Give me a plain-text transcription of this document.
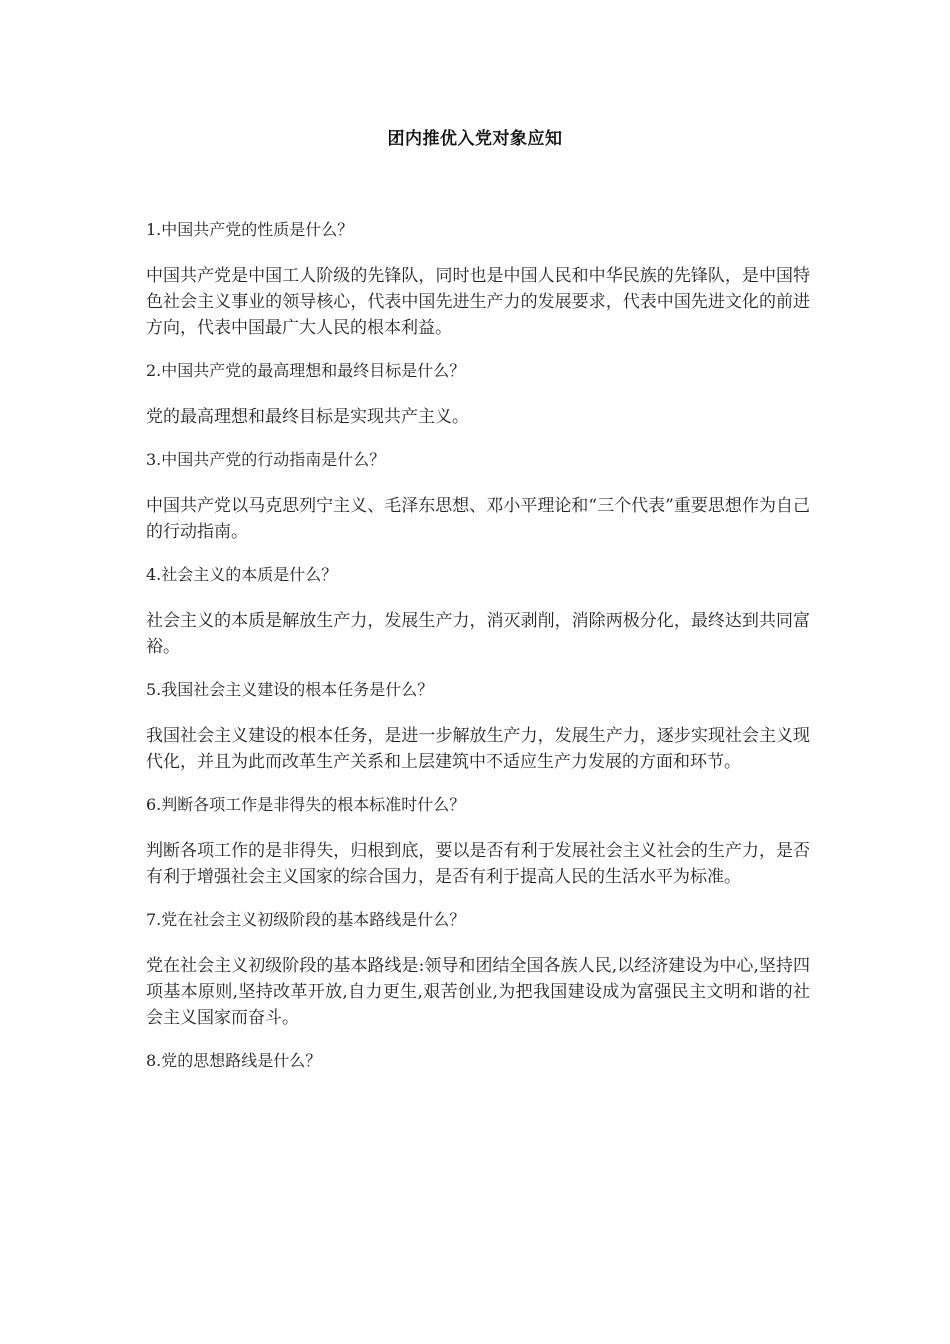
团内推优入党对象应知

1.中国共产党的性质是什么？

中国共产党是中国工人阶级的先锋队，同时也是中国人民和中华民族的先锋队，是中国特色社会主义事业的领导核心，代表中国先进生产力的发展要求，代表中国先进文化的前进方向，代表中国最广大人民的根本利益。

2.中国共产党的最高理想和最终目标是什么？

党的最高理想和最终目标是实现共产主义。

3.中国共产党的行动指南是什么？

中国共产党以马克思列宁主义、毛泽东思想、邓小平理论和“三个代表”重要思想作为自己的行动指南。

4.社会主义的本质是什么？

社会主义的本质是解放生产力，发展生产力，消灭剥削，消除两极分化，最终达到共同富裕。

5.我国社会主义建设的根本任务是什么？

我国社会主义建设的根本任务，是进一步解放生产力，发展生产力，逐步实现社会主义现代化，并且为此而改革生产关系和上层建筑中不适应生产力发展的方面和环节。

6.判断各项工作是非得失的根本标准时什么？

判断各项工作的是非得失，归根到底，要以是否有利于发展社会主义社会的生产力，是否有利于增强社会主义国家的综合国力，是否有利于提高人民的生活水平为标准。

7.党在社会主义初级阶段的基本路线是什么？

党在社会主义初级阶段的基本路线是:领导和团结全国各族人民,以经济建设为中心,坚持四项基本原则,坚持改革开放,自力更生,艰苦创业,为把我国建设成为富强民主文明和谐的社会主义国家而奋斗。

8.党的思想路线是什么？
